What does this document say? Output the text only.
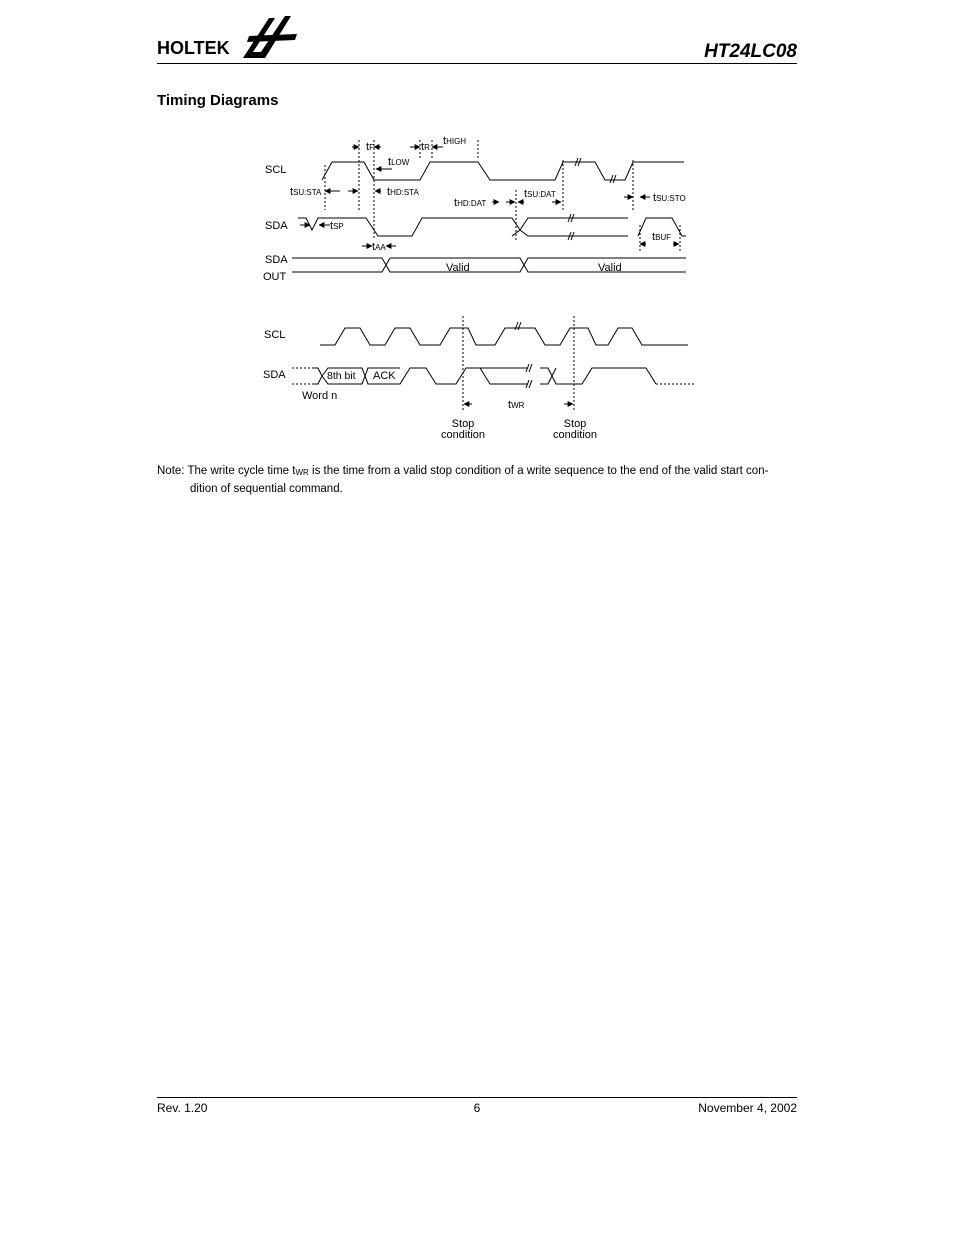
HOLTEK	HT24LC08
Timing Diagrams
SCL
SDA
SDA
OUT
tF
tLOW
tR
tHIGH
tSU:STA	tHD:STA
tHD:DAT
tSU:DAT	tSU:STO
tSP
tAA
tBUF
Valid	Valid
SCL
SDA	8th bit ACK
Word n
tWR
Stop
condition
Stop
condition
Note: The write cycle time $t_{WR}$ is the time from a valid stop condition of a write sequence to the end of the valid start con-
dition of sequential command.
Rev. 1.20	6	November 4, 2002
